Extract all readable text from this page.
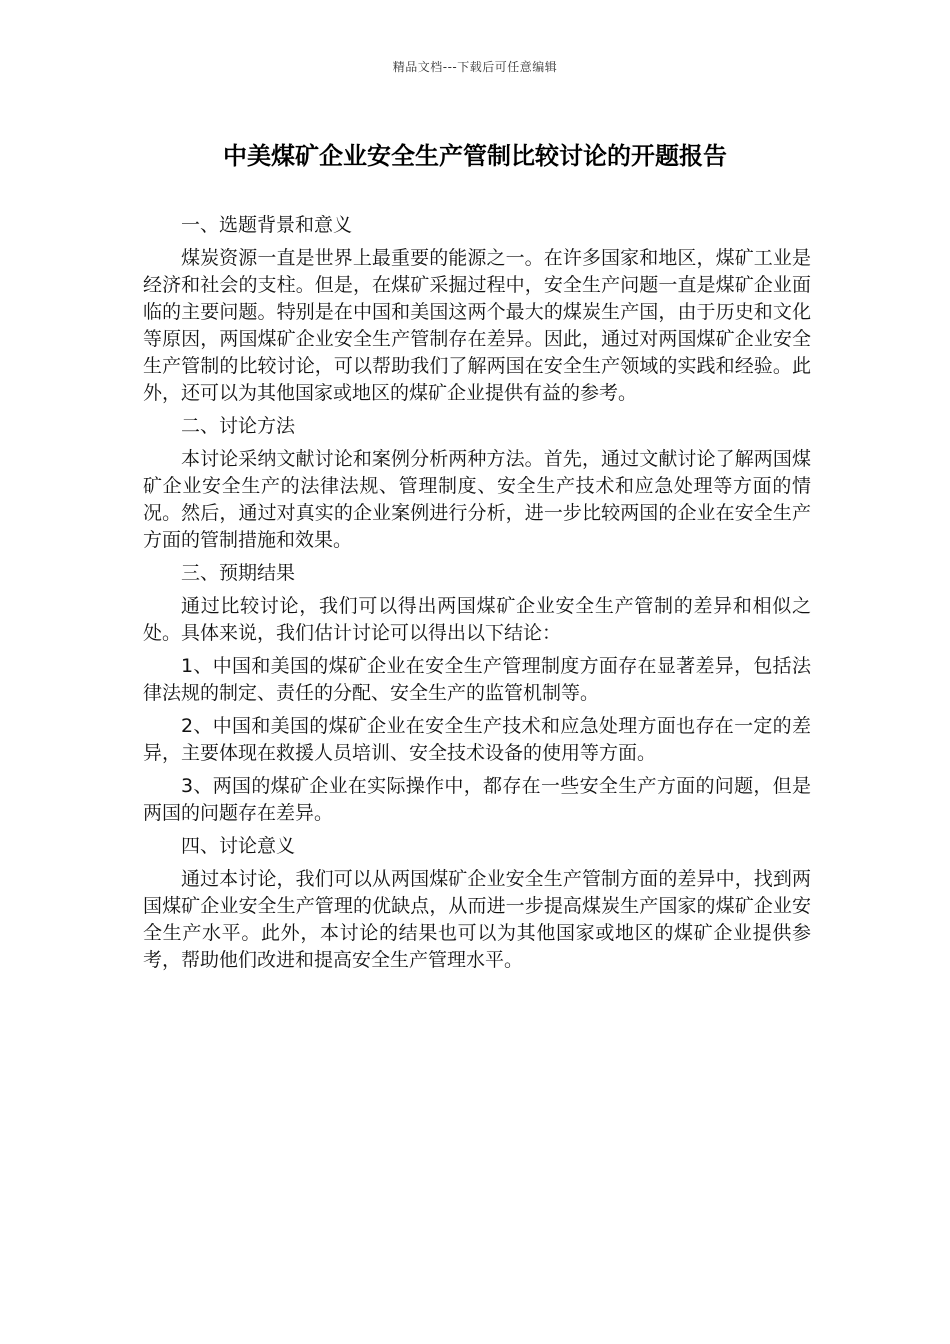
精品文档---下载后可任意编辑
中美煤矿企业安全生产管制比较讨论的开题报告

一、选题背景和意义

煤炭资源一直是世界上最重要的能源之一。在许多国家和地区，煤矿工业是经济和社会的支柱。但是，在煤矿采掘过程中，安全生产问题一直是煤矿企业面临的主要问题。特别是在中国和美国这两个最大的煤炭生产国，由于历史和文化等原因，两国煤矿企业安全生产管制存在差异。因此，通过对两国煤矿企业安全生产管制的比较讨论，可以帮助我们了解两国在安全生产领域的实践和经验。此外，还可以为其他国家或地区的煤矿企业提供有益的参考。

二、讨论方法

本讨论采纳文献讨论和案例分析两种方法。首先，通过文献讨论了解两国煤矿企业安全生产的法律法规、管理制度、安全生产技术和应急处理等方面的情况。然后，通过对真实的企业案例进行分析，进一步比较两国的企业在安全生产方面的管制措施和效果。

三、预期结果

通过比较讨论，我们可以得出两国煤矿企业安全生产管制的差异和相似之处。具体来说，我们估计讨论可以得出以下结论：

1、中国和美国的煤矿企业在安全生产管理制度方面存在显著差异，包括法律法规的制定、责任的分配、安全生产的监管机制等。

2、中国和美国的煤矿企业在安全生产技术和应急处理方面也存在一定的差异，主要体现在救援人员培训、安全技术设备的使用等方面。

3、两国的煤矿企业在实际操作中，都存在一些安全生产方面的问题，但是两国的问题存在差异。

四、讨论意义

通过本讨论，我们可以从两国煤矿企业安全生产管制方面的差异中，找到两国煤矿企业安全生产管理的优缺点，从而进一步提高煤炭生产国家的煤矿企业安全生产水平。此外，本讨论的结果也可以为其他国家或地区的煤矿企业提供参考，帮助他们改进和提高安全生产管理水平。
